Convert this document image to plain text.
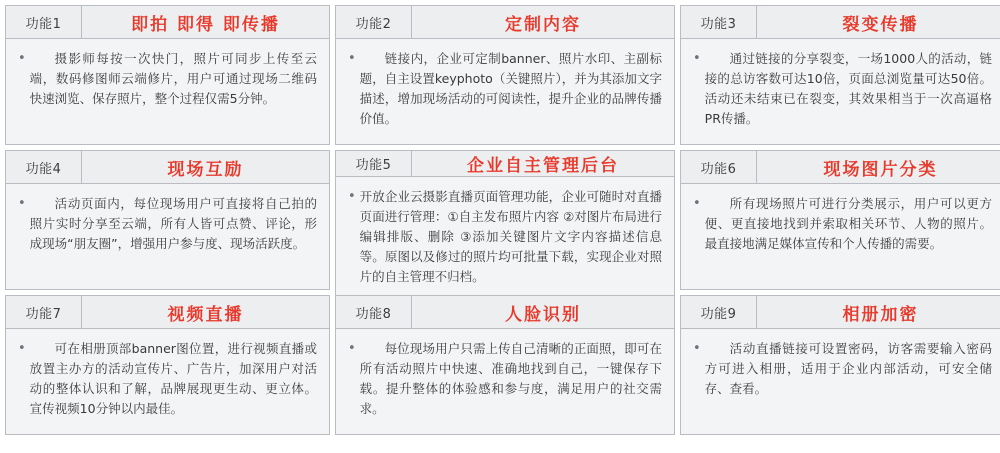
功能1	即拍 即得 即传播
•	摄影师每按一次快门，照片可同步上传至云端，数码修图师云端修片，用户可通过现场二维码快速浏览、保存照片，整个过程仅需5分钟。
功能2	定制内容
•	链接内，企业可定制banner、照片水印、主副标题，自主设置keyphoto（关键照片），并为其添加文字描述，增加现场活动的可阅读性，提升企业的品牌传播价值。
功能3	裂变传播
•	通过链接的分享裂变，一场1000人的活动，链接的总访客数可达10倍，页面总浏览量可达50倍。活动还未结束已在裂变，其效果相当于一次高逼格PR传播。
功能4	现场互励
•	活动页面内，每位现场用户可直接将自己拍的照片实时分享至云端，所有人皆可点赞、评论，形成现场“朋友圈”，增强用户参与度、现场活跃度。
功能5	企业自主管理后台
• 开放企业云摄影直播页面管理功能，企业可随时对直播页面进行管理：①自主发布照片内容 ②对图片布局进行编辑排版、删除 ③添加关键图片文字内容描述信息等。原图以及修过的照片均可批量下载，实现企业对照片的自主管理不归档。
功能6	现场图片分类
•	所有现场照片可进行分类展示，用户可以更方便、更直接地找到并索取相关环节、人物的照片。最直接地满足媒体宣传和个人传播的需要。
功能7	视频直播
•	可在相册顶部banner图位置，进行视频直播或放置主办方的活动宣传片、广告片，加深用户对活动的整体认识和了解，品牌展现更生动、更立体。宣传视频10分钟以内最佳。
功能8	人脸识别
•	每位现场用户只需上传自己清晰的正面照，即可在所有活动照片中快速、准确地找到自己，一键保存下载。提升整体的体验感和参与度，满足用户的社交需求。
功能9	相册加密
•	活动直播链接可设置密码，访客需要输入密码方可进入相册，适用于企业内部活动，可安全储存、查看。
